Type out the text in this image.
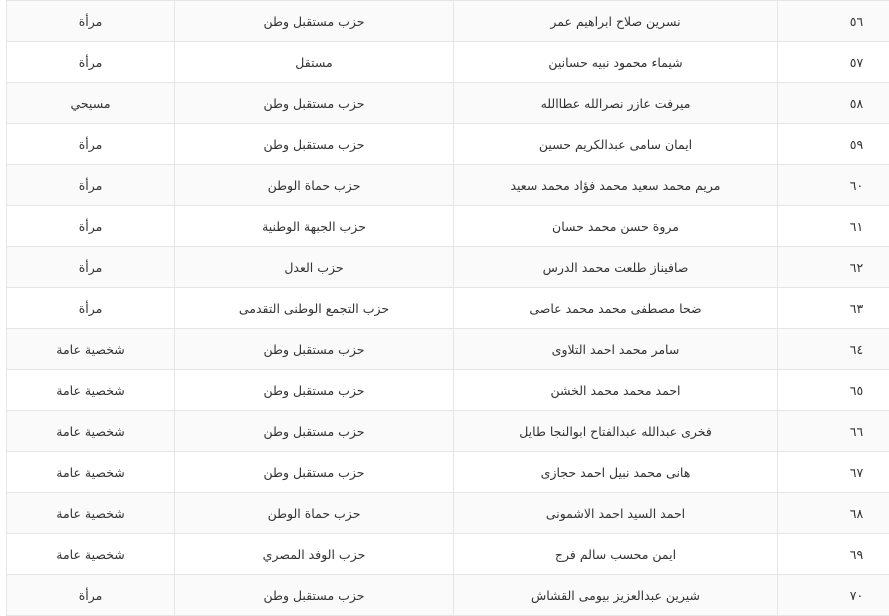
٥٦	نسرين صلاح ابراهيم عمر	حزب مستقبل وطن	مرأة
٥٧	شيماء محمود نبيه حسانين	مستقل	مرأة
٥٨	ميرفت عازر نصرالله عطاالله	حزب مستقبل وطن	مسيحي
٥٩	ايمان سامى عبدالكريم حسين	حزب مستقبل وطن	مرأة
٦٠	مريم محمد سعيد محمد فؤاد محمد سعيد	حزب حماة الوطن	مرأة
٦١	مروة حسن محمد حسان	حزب الجبهة الوطنية	مرأة
٦٢	صافيناز طلعت محمد الدرس	حزب العدل	مرأة
٦٣	ضحا مصطفى محمد محمد عاصى	حزب التجمع الوطنى التقدمى	مرأة
٦٤	سامر محمد احمد التلاوى	حزب مستقبل وطن	شخصية عامة
٦٥	احمد محمد محمد الخشن	حزب مستقبل وطن	شخصية عامة
٦٦	فخرى عبدالله عبدالفتاح ابوالنجا طايل	حزب مستقبل وطن	شخصية عامة
٦٧	هانى محمد نبيل احمد حجازى	حزب مستقبل وطن	شخصية عامة
٦٨	احمد السيد احمد الاشمونى	حزب حماة الوطن	شخصية عامة
٦٩	ايمن محسب سالم فرج	حزب الوفد المصري	شخصية عامة
٧٠	شيرين عبدالعزيز بيومى القشاش	حزب مستقبل وطن	مرأة
